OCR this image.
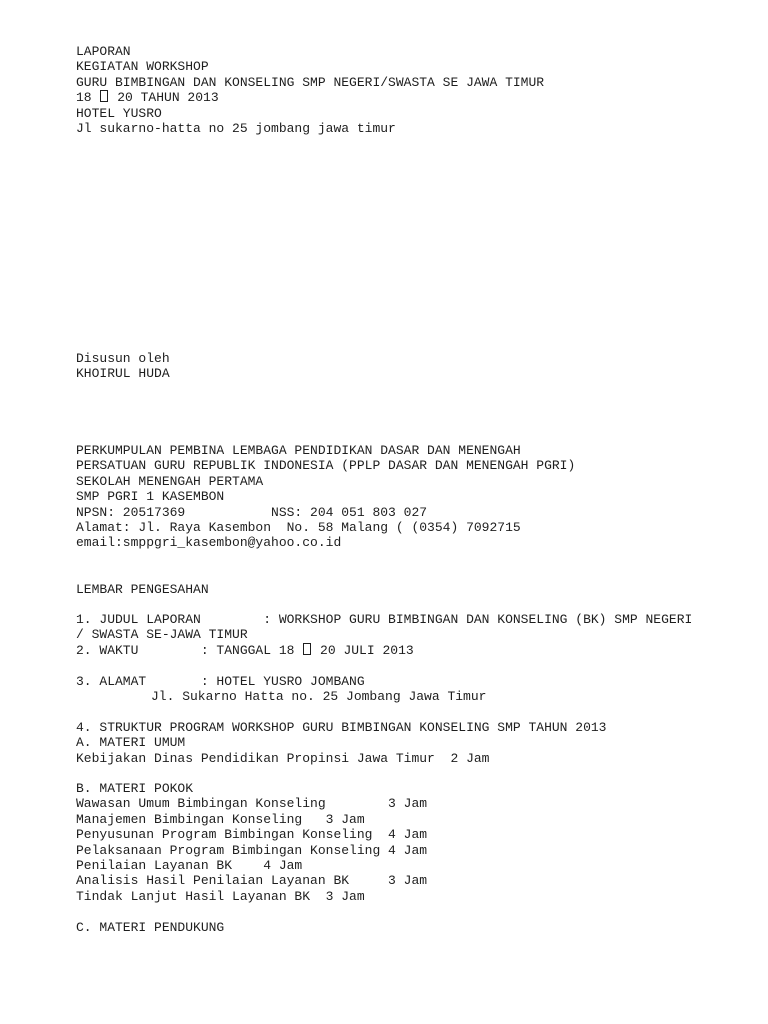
LAPORAN
KEGIATAN WORKSHOP
GURU BIMBINGAN DAN KONSELING SMP NEGERI/SWASTA SE JAWA TIMUR
18  20 TAHUN 2013
HOTEL YUSRO
Jl sukarno-hatta no 25 jombang jawa timur
Disusun oleh
KHOIRUL HUDA
PERKUMPULAN PEMBINA LEMBAGA PENDIDIKAN DASAR DAN MENENGAH
PERSATUAN GURU REPUBLIK INDONESIA (PPLP DASAR DAN MENENGAH PGRI)
SEKOLAH MENENGAH PERTAMA
SMP PGRI 1 KASEMBON
NPSN: 20517369           NSS: 204 051 803 027
Alamat: Jl. Raya Kasembon  No. 58 Malang ( (0354) 7092715
email:smppgri_kasembon@yahoo.co.id
LEMBAR PENGESAHAN
1. JUDUL LAPORAN        : WORKSHOP GURU BIMBINGAN DAN KONSELING (BK) SMP NEGERI
/ SWASTA SE-JAWA TIMUR
2. WAKTU        : TANGGAL 18  20 JULI 2013
3. ALAMAT       : HOTEL YUSRO JOMBANG
Jl. Sukarno Hatta no. 25 Jombang Jawa Timur
4. STRUKTUR PROGRAM WORKSHOP GURU BIMBINGAN KONSELING SMP TAHUN 2013
A. MATERI UMUM
Kebijakan Dinas Pendidikan Propinsi Jawa Timur  2 Jam
B. MATERI POKOK
Wawasan Umum Bimbingan Konseling        3 Jam
Manajemen Bimbingan Konseling   3 Jam
Penyusunan Program Bimbingan Konseling  4 Jam
Pelaksanaan Program Bimbingan Konseling 4 Jam
Penilaian Layanan BK    4 Jam
Analisis Hasil Penilaian Layanan BK     3 Jam
Tindak Lanjut Hasil Layanan BK  3 Jam
C. MATERI PENDUKUNG
